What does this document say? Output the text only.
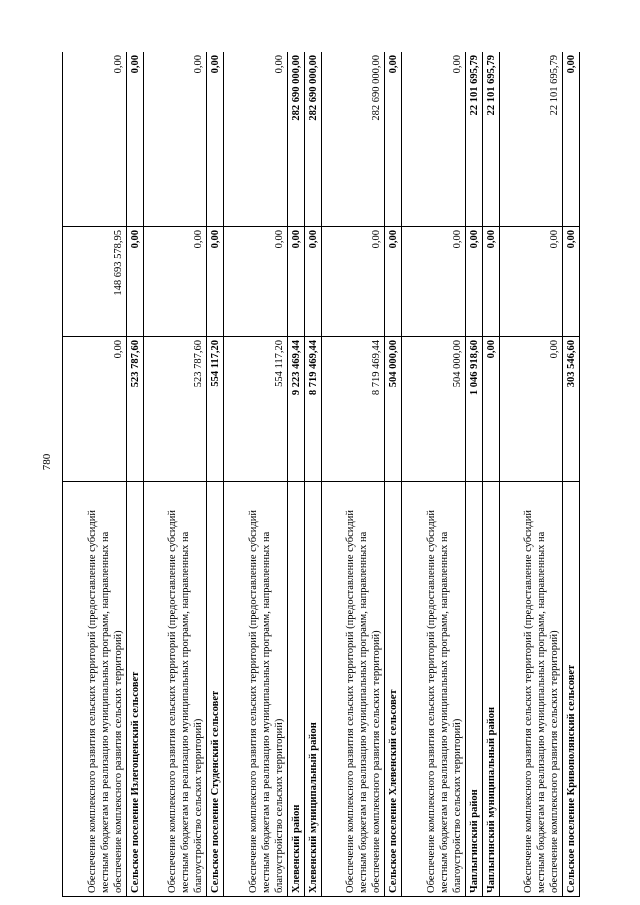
780
Обеспечение комплексного развития сельских территорий (предоставление субсидий местным бюджетам на реализацию муниципальных программ, направленных на обеспечение комплексного развития сельских территорий)	0,00	148 693 578,95	0,00
Сельское поселение Излегощенский сельсовет	523 787,60	0,00	0,00
Обеспечение комплексного развития сельских территорий (предоставление субсидий местным бюджетам на реализацию муниципальных программ, направленных на благоустройство сельских территорий)	523 787,60	0,00	0,00
Сельское поселение Студенский сельсовет	554 117,20	0,00	0,00
Обеспечение комплексного развития сельских территорий (предоставление субсидий местным бюджетам на реализацию муниципальных программ, направленных на благоустройство сельских территорий)	554 117,20	0,00	0,00
Хлевенский район	9 223 469,44	0,00	282 690 000,00
Хлевенский муниципальный район	8 719 469,44	0,00	282 690 000,00
Обеспечение комплексного развития сельских территорий (предоставление субсидий местным бюджетам на реализацию муниципальных программ, направленных на обеспечение комплексного развития сельских территорий)	8 719 469,44	0,00	282 690 000,00
Сельское поселение Хлевенский сельсовет	504 000,00	0,00	0,00
Обеспечение комплексного развития сельских территорий (предоставление субсидий местным бюджетам на реализацию муниципальных программ, направленных на благоустройство сельских территорий)	504 000,00	0,00	0,00
Чаплыгинский район	1 046 918,60	0,00	22 101 695,79
Чаплыгинский муниципальный район	0,00	0,00	22 101 695,79
Обеспечение комплексного развития сельских территорий (предоставление субсидий местным бюджетам на реализацию муниципальных программ, направленных на обеспечение комплексного развития сельских территорий)	0,00	0,00	22 101 695,79
Сельское поселение Кривополянский сельсовет	303 546,60	0,00	0,00
